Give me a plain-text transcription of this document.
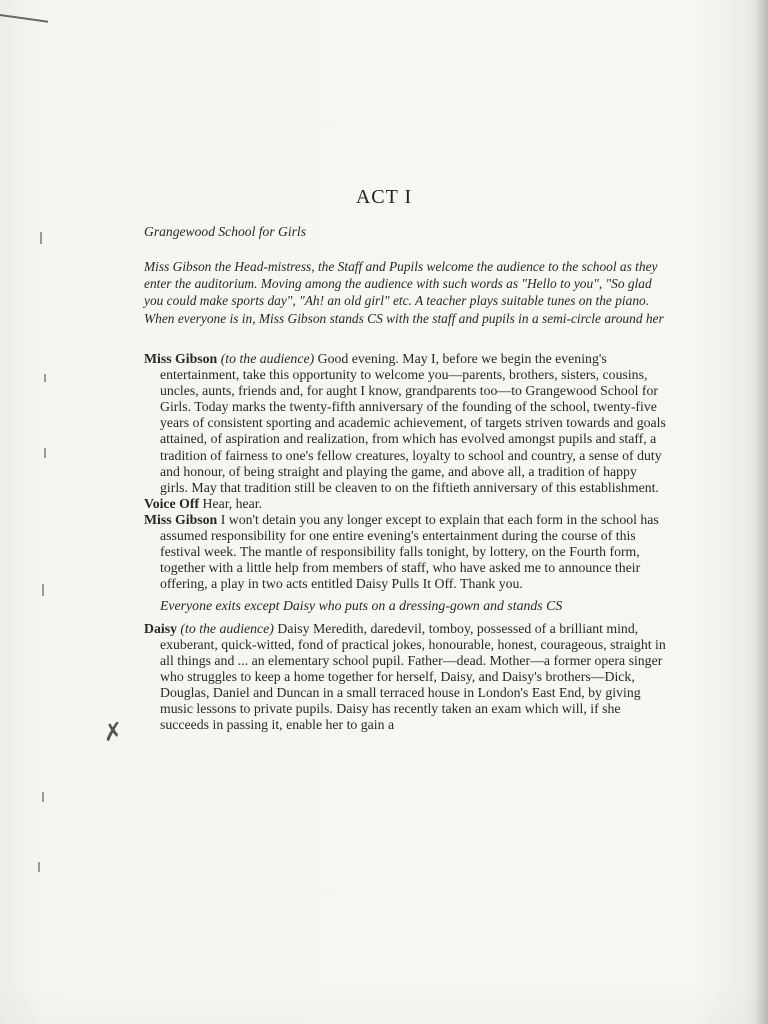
ACT I
Grangewood School for Girls
Miss Gibson the Head-mistress, the Staff and Pupils welcome the audience to the school as they enter the auditorium. Moving among the audience with such words as "Hello to you", "So glad you could make sports day", "Ah! an old girl" etc. A teacher plays suitable tunes on the piano. When everyone is in, Miss Gibson stands CS with the staff and pupils in a semi-circle around her

Miss Gibson (to the audience) Good evening. May I, before we begin the evening's entertainment, take this opportunity to welcome you—parents, brothers, sisters, cousins, uncles, aunts, friends and, for aught I know, grandparents too—to Grangewood School for Girls. Today marks the twenty-fifth anniversary of the founding of the school, twenty-five years of consistent sporting and academic achievement, of targets striven towards and goals attained, of aspiration and realization, from which has evolved amongst pupils and staff, a tradition of fairness to one's fellow creatures, loyalty to school and country, a sense of duty and honour, of being straight and playing the game, and above all, a tradition of happy girls. May that tradition still be cleaven to on the fiftieth anniversary of this establishment.

Voice Off Hear, hear.

Miss Gibson I won't detain you any longer except to explain that each form in the school has assumed responsibility for one entire evening's entertainment during the course of this festival week. The mantle of responsibility falls tonight, by lottery, on the Fourth form, together with a little help from members of staff, who have asked me to announce their offering, a play in two acts entitled Daisy Pulls It Off. Thank you.

Everyone exits except Daisy who puts on a dressing-gown and stands CS

Daisy (to the audience) Daisy Meredith, daredevil, tomboy, possessed of a brilliant mind, exuberant, quick-witted, fond of practical jokes, honourable, honest, courageous, straight in all things and ... an elementary school pupil. Father—dead. Mother—a former opera singer who struggles to keep a home together for herself, Daisy, and Daisy's brothers—Dick, Douglas, Daniel and Duncan in a small terraced house in London's East End, by giving music lessons to private pupils. Daisy has recently taken an exam which will, if she succeeds in passing it, enable her to gain a

✗
